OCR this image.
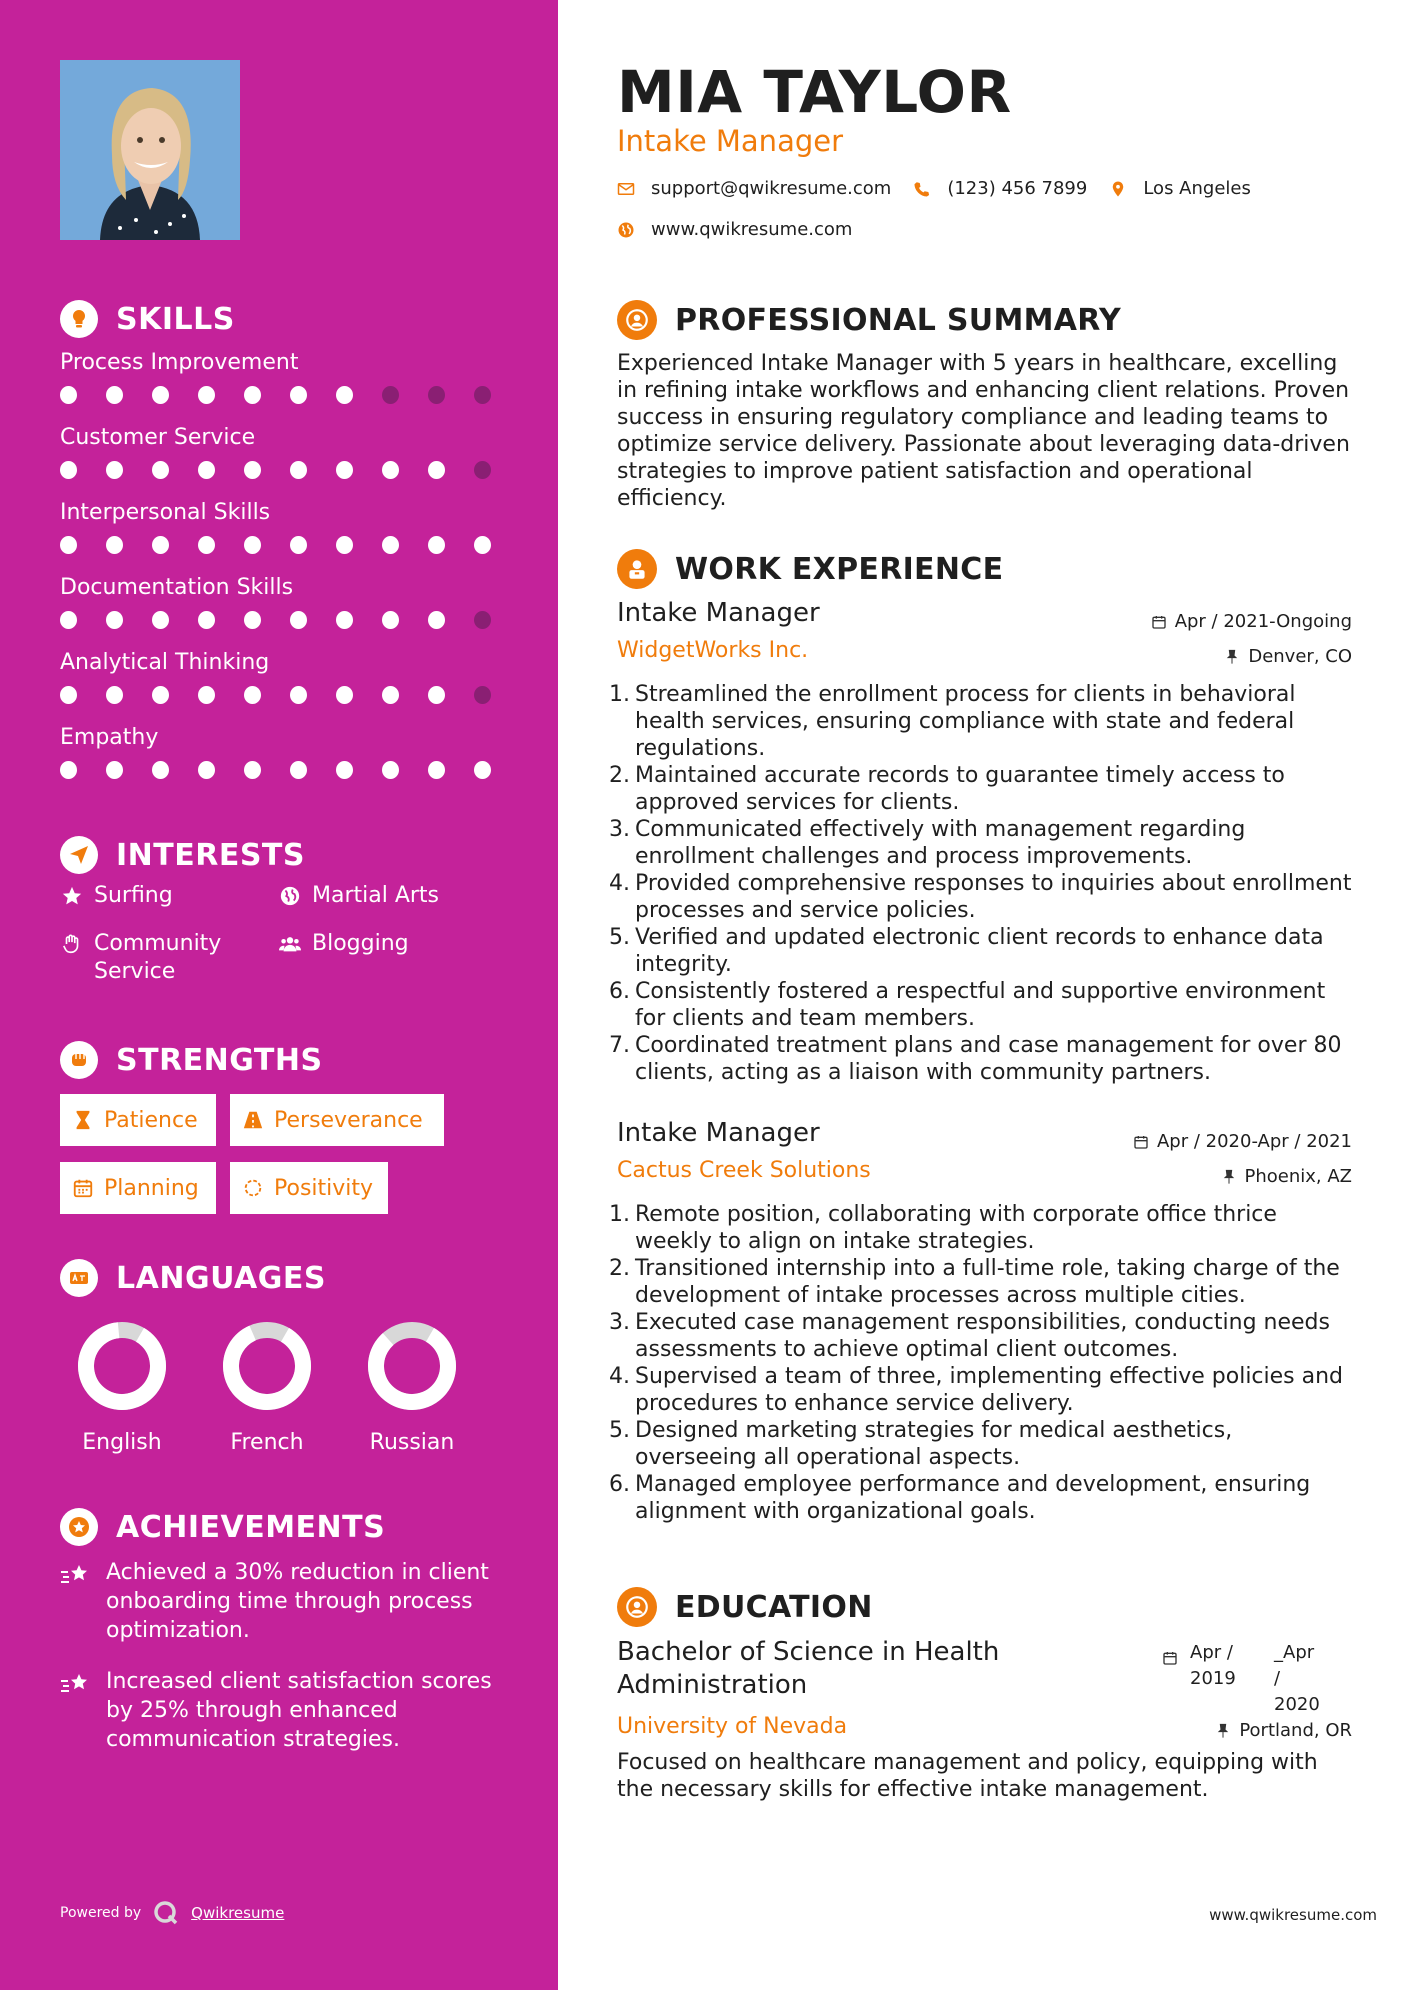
SKILLS
Process Improvement
Customer Service
Interpersonal Skills
Documentation Skills
Analytical Thinking
Empathy
INTERESTS
Surfing	Martial Arts
Community Service
Blogging
STRENGTHS
Patience	Perseverance
Planning	Positivity
LANGUAGES
English	French	Russian
ACHIEVEMENTS
Achieved a 30% reduction in client onboarding time through process optimization.
Increased client satisfaction scores by 25% through enhanced communication strategies.
Powered by	Qwikresume
MIA TAYLOR
Intake Manager
support@qwikresume.com	(123) 456 7899	Los Angeles
www.qwikresume.com
PROFESSIONAL SUMMARY
Experienced Intake Manager with 5 years in healthcare, excelling in refining intake workflows and enhancing client relations. Proven success in ensuring regulatory compliance and leading teams to optimize service delivery. Passionate about leveraging data-driven strategies to improve patient satisfaction and operational efficiency.
WORK EXPERIENCE
Intake Manager
WidgetWorks Inc.
Apr / 2021-Ongoing
Denver, CO
1. Streamlined the enrollment process for clients in behavioral health services, ensuring compliance with state and federal regulations.
2. Maintained accurate records to guarantee timely access to approved services for clients.
3. Communicated effectively with management regarding enrollment challenges and process improvements.
4. Provided comprehensive responses to inquiries about enrollment processes and service policies.
5. Verified and updated electronic client records to enhance data integrity.
6. Consistently fostered a respectful and supportive environment for clients and team members.
7. Coordinated treatment plans and case management for over 80 clients, acting as a liaison with community partners.
Intake Manager
Cactus Creek Solutions
Apr / 2020-Apr / 2021
Phoenix, AZ
1. Remote position, collaborating with corporate office thrice weekly to align on intake strategies.
2. Transitioned internship into a full-time role, taking charge of the development of intake processes across multiple cities.
3. Executed case management responsibilities, conducting needs assessments to achieve optimal client outcomes.
4. Supervised a team of three, implementing effective policies and procedures to enhance service delivery.
5. Designed marketing strategies for medical aesthetics, overseeing all operational aspects.
6. Managed employee performance and development, ensuring alignment with organizational goals.
EDUCATION
Bachelor of Science in Health Administration
University of Nevada
Focused on healthcare management and policy, equipping with the necessary skills for effective intake management.
Apr / 2019
_Apr / 2020
Portland, OR
www.qwikresume.com
